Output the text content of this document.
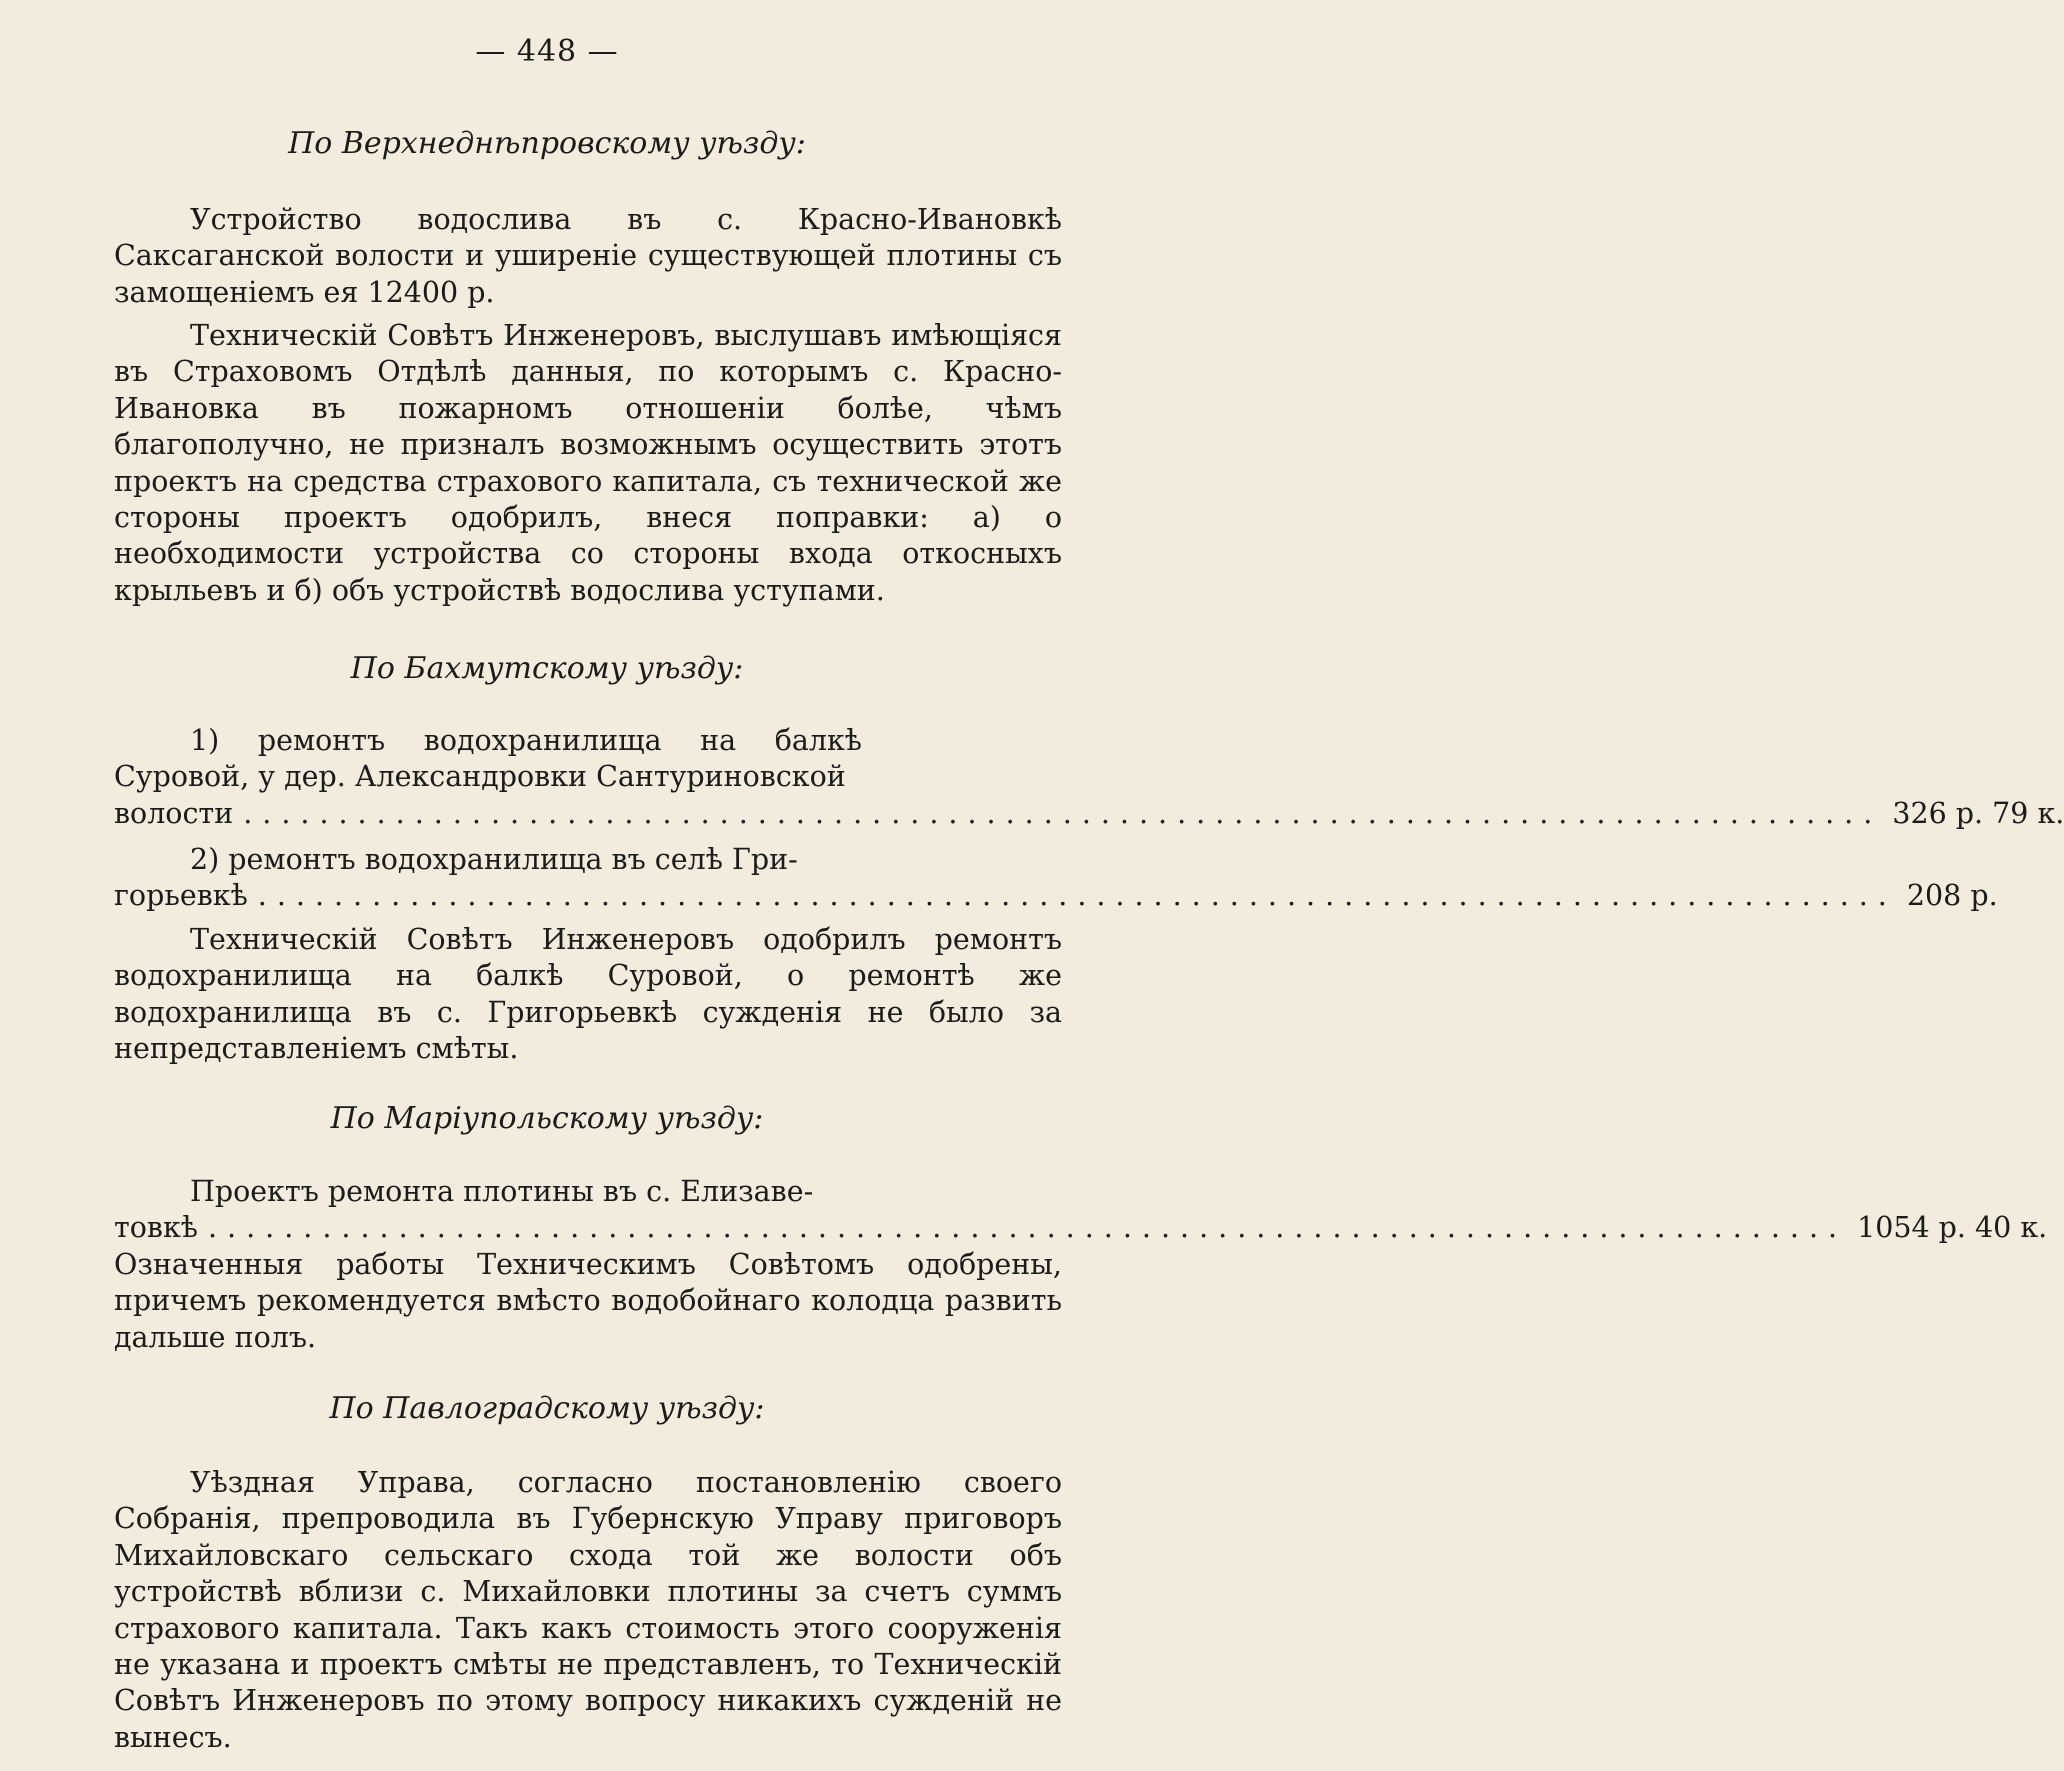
— 448 —
По Верхнеднѣпровскому уѣзду:

Устройство водослива въ с. Красно-Ивановкѣ Саксаганской волости и уширеніе существующей плотины съ замощеніемъ ея 12400 р.

Техническій Совѣтъ Инженеровъ, выслушавъ имѣющіяся въ Страховомъ Отдѣлѣ данныя, по которымъ с. Красно-Ивановка въ пожарномъ отношеніи болѣе, чѣмъ благополучно, не призналъ возможнымъ осуществить этотъ проектъ на средства страхового капитала, съ технической же стороны проектъ одобрилъ, внеся поправки: а) о необходимости устройства со стороны входа откосныхъ крыльевъ и б) объ устройствѣ водослива уступами.

По Бахмутскому уѣзду:

1) ремонтъ водохранилища на балкѣ Суровой, у дер. Александровки Сантуриновской

волости ...................................................................................... 326 р. 79 к.

2) ремонтъ водохранилища въ селѣ Гри-

горьевкѣ ...................................................................................... 208 р.

Техническій Совѣтъ Инженеровъ одобрилъ ремонтъ водохранилища на балкѣ Суровой, о ремонтѣ же водохранилища въ с. Григорьевкѣ сужденія не было за непредставленіемъ смѣты.

По Маріупольскому уѣзду:

Проектъ ремонта плотины въ с. Елизаве-

товкѣ ...................................................................................... 1054 р. 40 к.

Означенныя работы Техническимъ Совѣтомъ одобрены, причемъ рекомендуется вмѣсто водобойнаго колодца развить дальше полъ.

По Павлоградскому уѣзду:

Уѣздная Управа, согласно постановленію своего Собранія, препроводила въ Губернскую Управу приговоръ Михайловскаго сельскаго схода той же волости объ устройствѣ вблизи с. Михайловки плотины за счетъ суммъ страхового капитала. Такъ какъ стоимость этого сооруженія не указана и проектъ смѣты не представленъ, то Техническій Совѣтъ Инженеровъ по этому вопросу никакихъ сужденій не вынесъ.
